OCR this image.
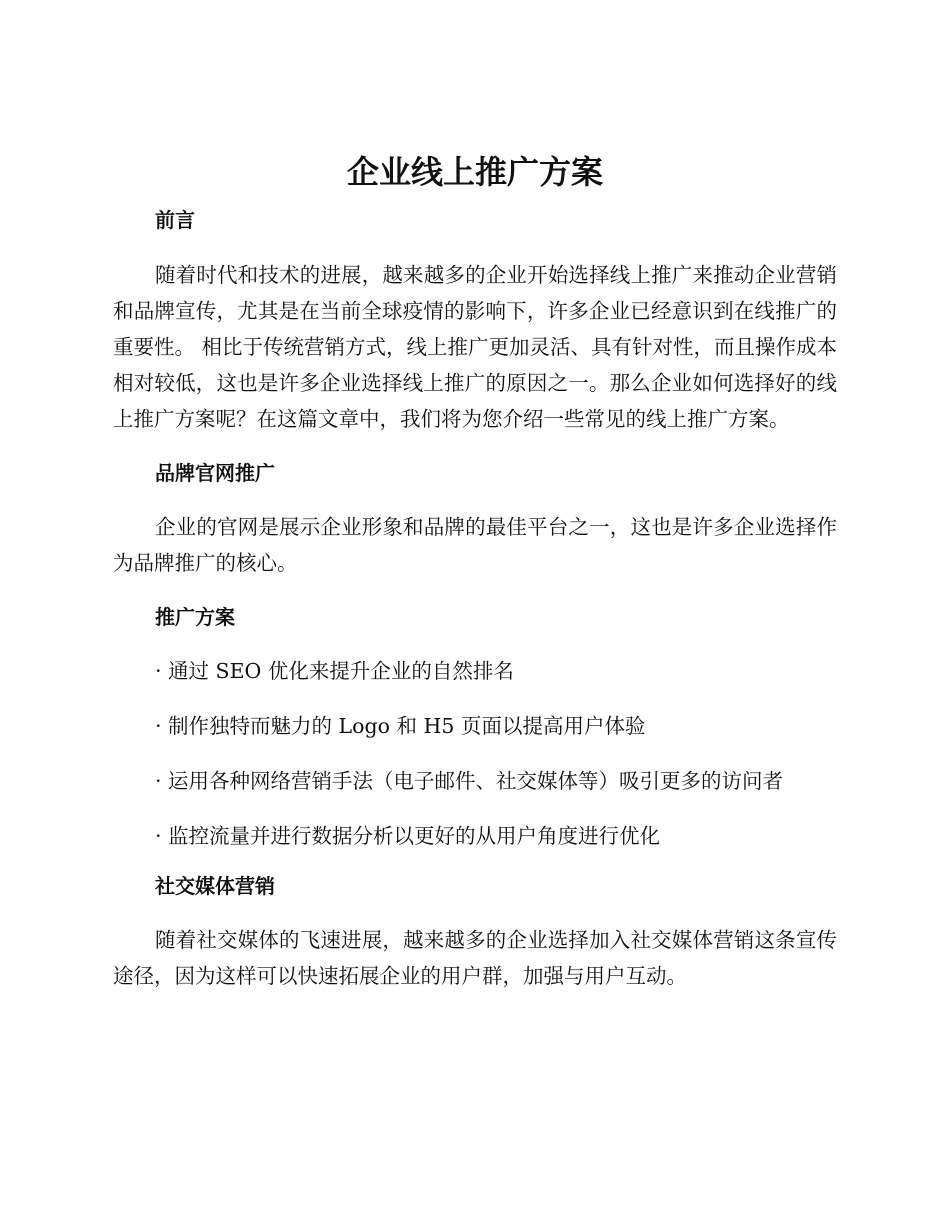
企业线上推广方案
前言

随着时代和技术的进展，越来越多的企业开始选择线上推广来推动企业营销和品牌宣传，尤其是在当前全球疫情的影响下，许多企业已经意识到在线推广的重要性。 相比于传统营销方式，线上推广更加灵活、具有针对性，而且操作成本相对较低，这也是许多企业选择线上推广的原因之一。那么企业如何选择好的线上推广方案呢？在这篇文章中，我们将为您介绍一些常见的线上推广方案。

品牌官网推广

企业的官网是展示企业形象和品牌的最佳平台之一，这也是许多企业选择作为品牌推广的核心。

推广方案

· 通过 SEO 优化来提升企业的自然排名

· 制作独特而魅力的 Logo 和 H5 页面以提高用户体验

· 运用各种网络营销手法（电子邮件、社交媒体等）吸引更多的访问者

· 监控流量并进行数据分析以更好的从用户角度进行优化

社交媒体营销

随着社交媒体的飞速进展，越来越多的企业选择加入社交媒体营销这条宣传途径，因为这样可以快速拓展企业的用户群，加强与用户互动。
